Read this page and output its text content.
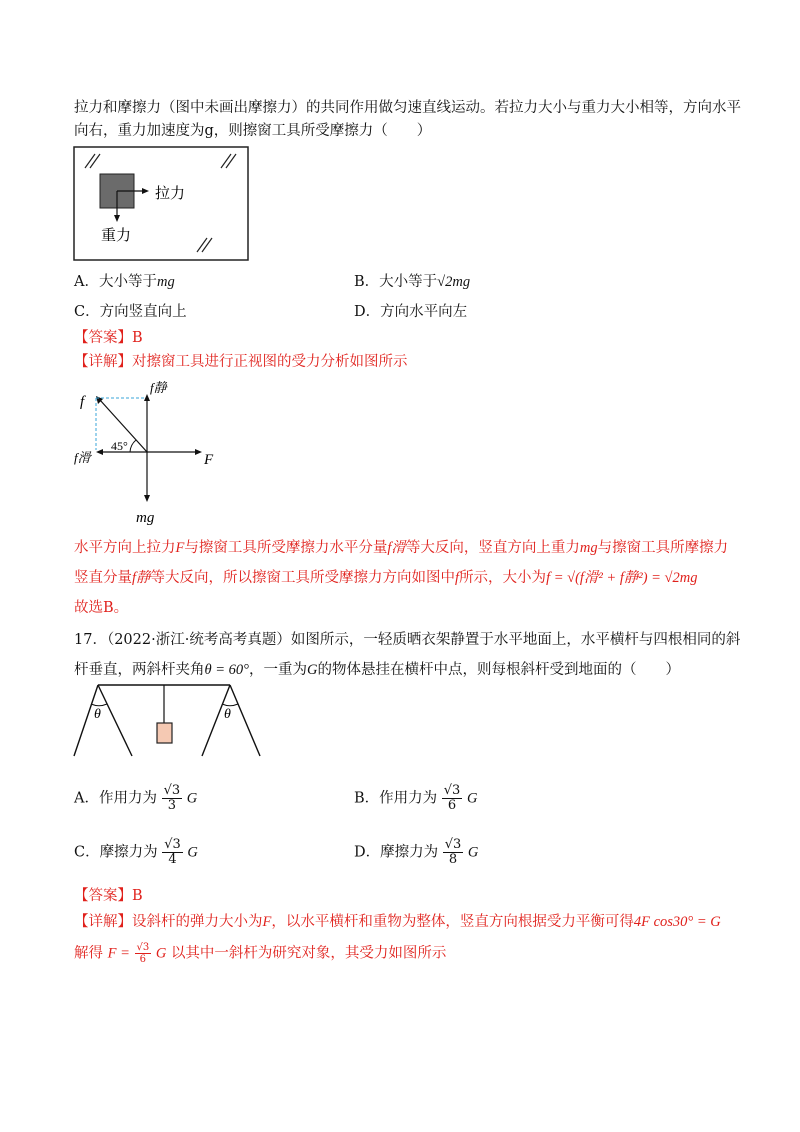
拉力和摩擦力（图中未画出摩擦力）的共同作用做匀速直线运动。若拉力大小与重力大小相等，方向水平
向右，重力加速度为g，则擦窗工具所受摩擦力（　　）
拉力
重力
A．大小等于mg	B．大小等于√2mg
C．方向竖直向上	D．方向水平向左
【答案】B
【详解】对擦窗工具进行正视图的受力分析如图所示
f
f静
f滑	F
45°
mg
水平方向上拉力F与擦窗工具所受摩擦力水平分量f滑等大反向，竖直方向上重力mg与擦窗工具所摩擦力
竖直分量f静等大反向，所以擦窗工具所受摩擦力方向如图中f所示，大小为f = √(f滑² + f静²) = √2mg
故选B。
17．（2022·浙江·统考高考真题）如图所示，一轻质晒衣架静置于水平地面上，水平横杆与四根相同的斜
杆垂直，两斜杆夹角θ = 60°，一重为G的物体悬挂在横杆中点，则每根斜杆受到地面的（　　）
θ	θ
A．作用力为 $\frac{√3}{3}$ G	B．作用力为 $\frac{√3}{6}$ G
C．摩擦力为 $\frac{√3}{4}$ G	D．摩擦力为 $\frac{√3}{8}$ G
【答案】B
【详解】设斜杆的弹力大小为F，以水平横杆和重物为整体，竖直方向根据受力平衡可得4F cos30° = G
解得 $F = \frac{√3}{6}$ G 以其中一斜杆为研究对象，其受力如图所示
